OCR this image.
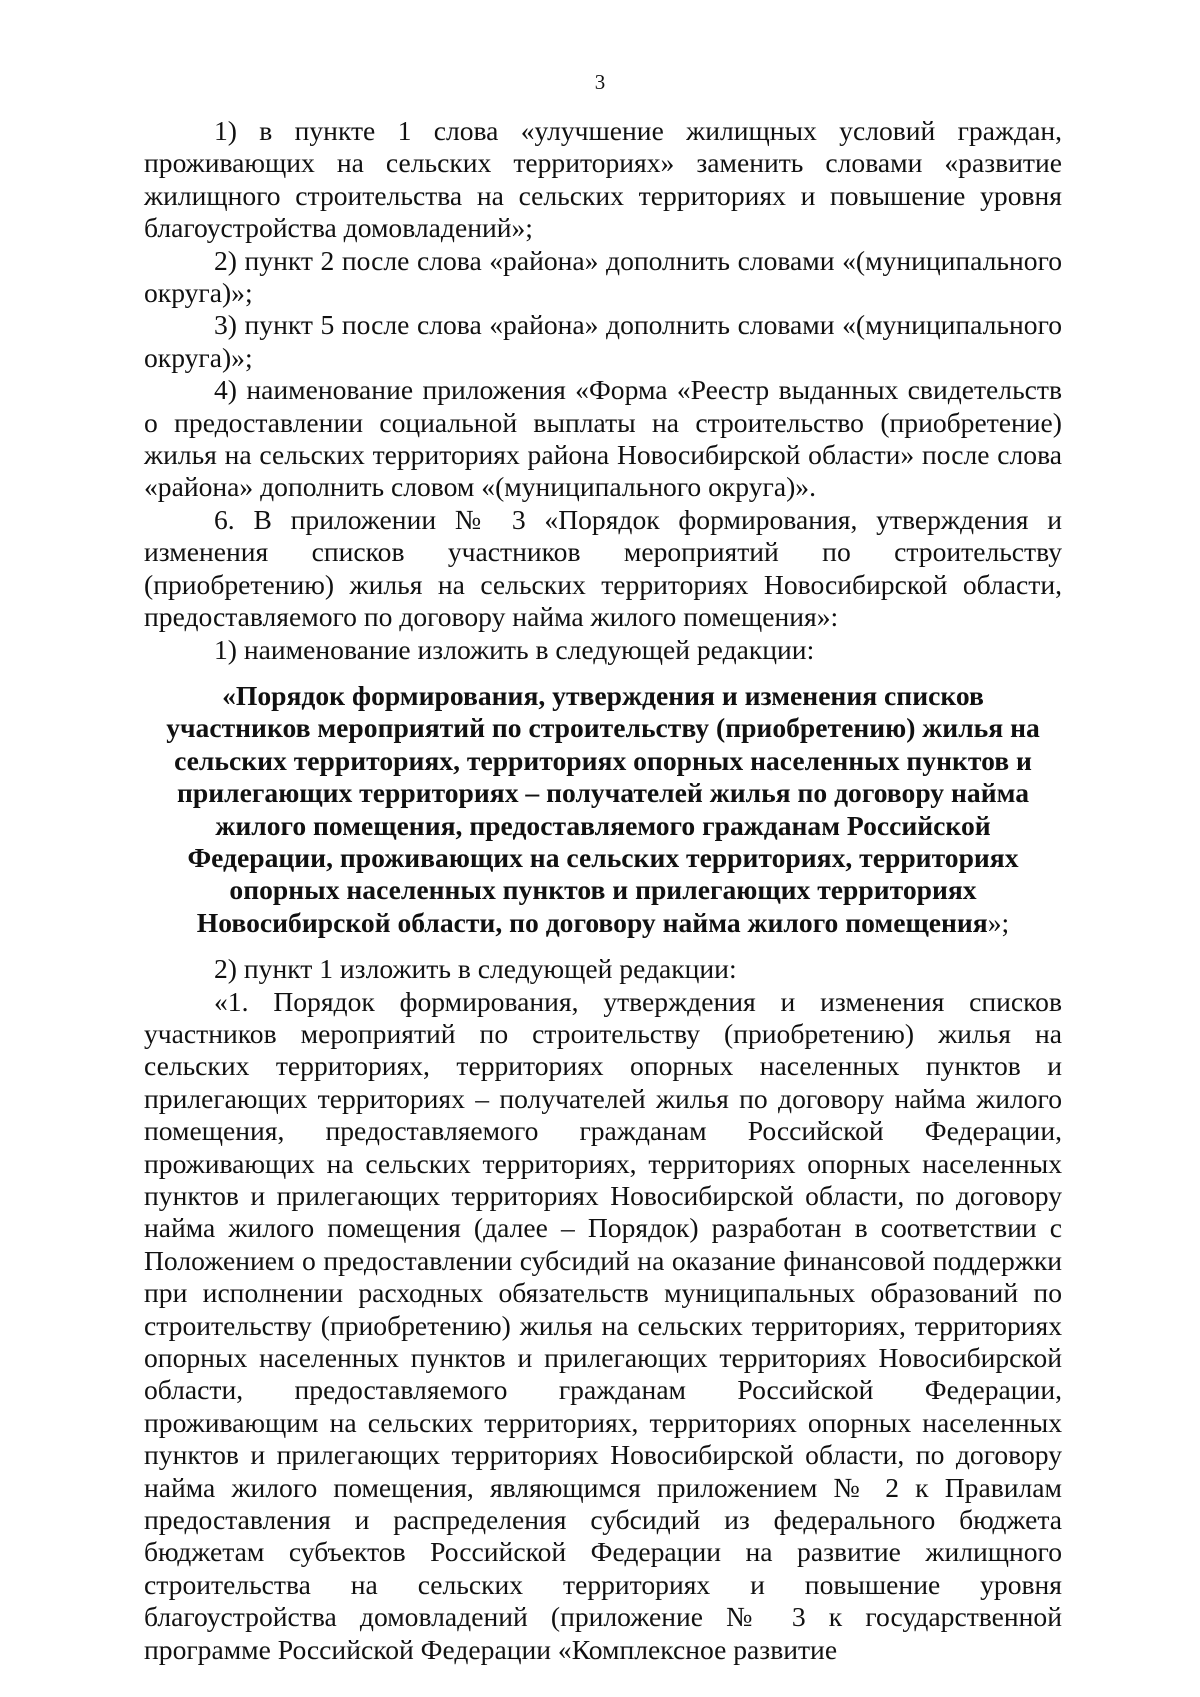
3

1) в пункте 1 слова «улучшение жилищных условий граждан, проживающих на сельских территориях» заменить словами «развитие жилищного строительства на сельских территориях и повышение уровня благоустройства домовладений»;

2) пункт 2 после слова «района» дополнить словами «(муниципального округа)»;

3) пункт 5 после слова «района» дополнить словами «(муниципального округа)»;

4) наименование приложения «Форма «Реестр выданных свидетельств о предоставлении социальной выплаты на строительство (приобретение) жилья на сельских территориях района Новосибирской области» после слова «района» дополнить словом «(муниципального округа)».

6. В приложении № 3 «Порядок формирования, утверждения и изменения списков участников мероприятий по строительству (приобретению) жилья на сельских территориях Новосибирской области, предоставляемого по договору найма жилого помещения»:

1) наименование изложить в следующей редакции:

«Порядок формирования, утверждения и изменения списков участников мероприятий по строительству (приобретению) жилья на сельских территориях, территориях опорных населенных пунктов и прилегающих территориях – получателей жилья по договору найма жилого помещения, предоставляемого гражданам Российской Федерации, проживающих на сельских территориях, территориях опорных населенных пунктов и прилегающих территориях Новосибирской области, по договору найма жилого помещения»;

2) пункт 1 изложить в следующей редакции:

«1. Порядок формирования, утверждения и изменения списков участников мероприятий по строительству (приобретению) жилья на сельских территориях, территориях опорных населенных пунктов и прилегающих территориях – получателей жилья по договору найма жилого помещения, предоставляемого гражданам Российской Федерации, проживающих на сельских территориях, территориях опорных населенных пунктов и прилегающих территориях Новосибирской области, по договору найма жилого помещения (далее – Порядок) разработан в соответствии с Положением о предоставлении субсидий на оказание финансовой поддержки при исполнении расходных обязательств муниципальных образований по строительству (приобретению) жилья на сельских территориях, территориях опорных населенных пунктов и прилегающих территориях Новосибирской области, предоставляемого гражданам Российской Федерации, проживающим на сельских территориях, территориях опорных населенных пунктов и прилегающих территориях Новосибирской области, по договору найма жилого помещения, являющимся приложением № 2 к Правилам предоставления и распределения субсидий из федерального бюджета бюджетам субъектов Российской Федерации на развитие жилищного строительства на сельских территориях и повышение уровня благоустройства домовладений (приложение № 3 к государственной программе Российской Федерации «Комплексное развитие
